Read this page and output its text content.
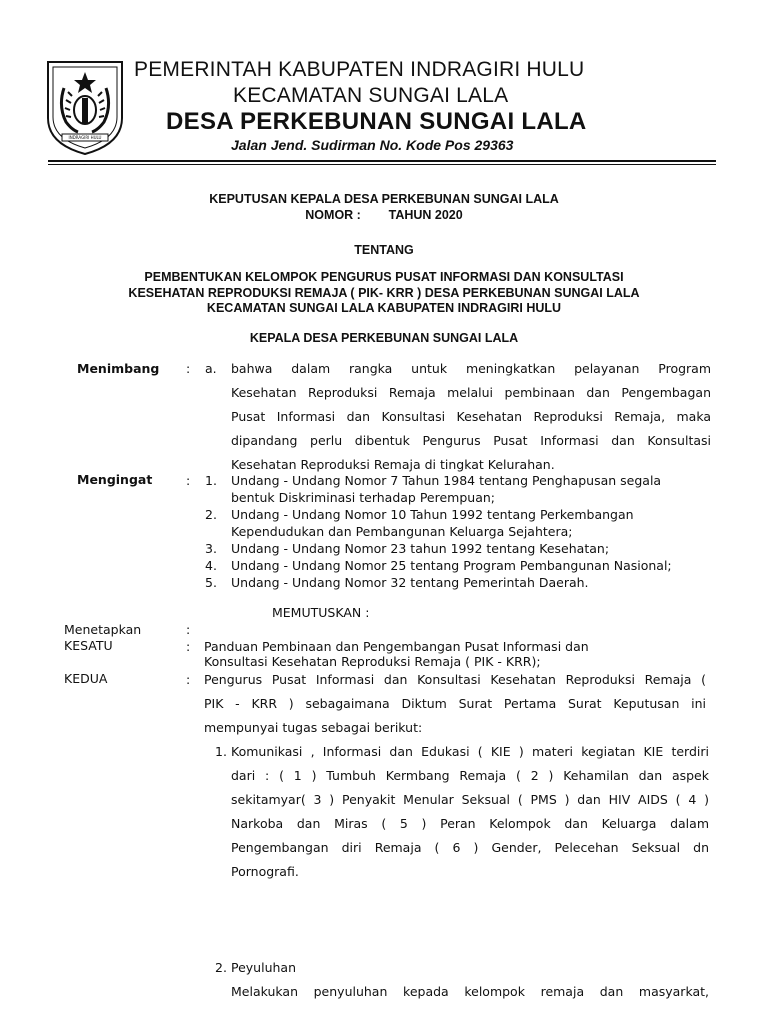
INDRAGIRI HULU
PEMERINTAH KABUPATEN INDRAGIRI HULU
KECAMATAN SUNGAI LALA
DESA PERKEBUNAN SUNGAI LALA
Jalan Jend. Sudirman No. Kode Pos 29363
KEPUTUSAN KEPALA DESA PERKEBUNAN SUNGAI LALA
NOMOR :        TAHUN 2020
TENTANG
PEMBENTUKAN KELOMPOK PENGURUS PUSAT INFORMASI DAN KONSULTASI
KESEHATAN REPRODUKSI REMAJA ( PIK- KRR ) DESA PERKEBUNAN SUNGAI LALA
KECAMATAN SUNGAI LALA KABUPATEN INDRAGIRI HULU
KEPALA DESA PERKEBUNAN SUNGAI LALA
Menimbang : a. bahwa dalam rangka untuk meningkatkan pelayanan Program
Kesehatan Reproduksi Remaja melalui pembinaan dan Pengembagan
Pusat Informasi dan Konsultasi Kesehatan Reproduksi Remaja, maka
dipandang perlu dibentuk Pengurus Pusat Informasi dan Konsultasi
Kesehatan Reproduksi Remaja di tingkat Kelurahan.
Mengingat	: 1. Undang - Undang Nomor 7 Tahun 1984 tentang Penghapusan segala
bentuk Diskriminasi terhadap Perempuan;
2. Undang - Undang Nomor 10 Tahun 1992 tentang Perkembangan
Kependudukan dan Pembangunan Keluarga Sejahtera;
3. Undang - Undang Nomor 23 tahun 1992 tentang Kesehatan;
4. Undang - Undang Nomor 25 tentang Program Pembangunan Nasional;
5. Undang - Undang Nomor 32 tentang Pemerintah Daerah.
MEMUTUSKAN :
Menetapkan	:
KESATU	: Panduan Pembinaan dan Pengembangan Pusat Informasi dan
Konsultasi Kesehatan Reproduksi Remaja ( PIK - KRR);
KEDUA	: Pengurus Pusat Informasi dan Konsultasi Kesehatan Reproduksi Remaja (
PIK - KRR ) sebagaimana Diktum Surat Pertama Surat Keputusan ini
mempunyai tugas sebagai berikut:
1. Komunikasi , Informasi dan Edukasi ( KIE ) materi kegiatan KIE terdiri
dari : ( 1 ) Tumbuh Kermbang Remaja ( 2 ) Kehamilan dan aspek
sekitamyar( 3 ) Penyakit Menular Seksual ( PMS ) dan HIV AIDS ( 4 )
Narkoba dan Miras ( 5 ) Peran Kelompok dan Keluarga dalam
Pengembangan diri Remaja ( 6 ) Gender, Pelecehan Seksual dn
Pornografi.
2. Peyuluhan
Melakukan penyuluhan kepada kelompok remaja dan masyarkat,
